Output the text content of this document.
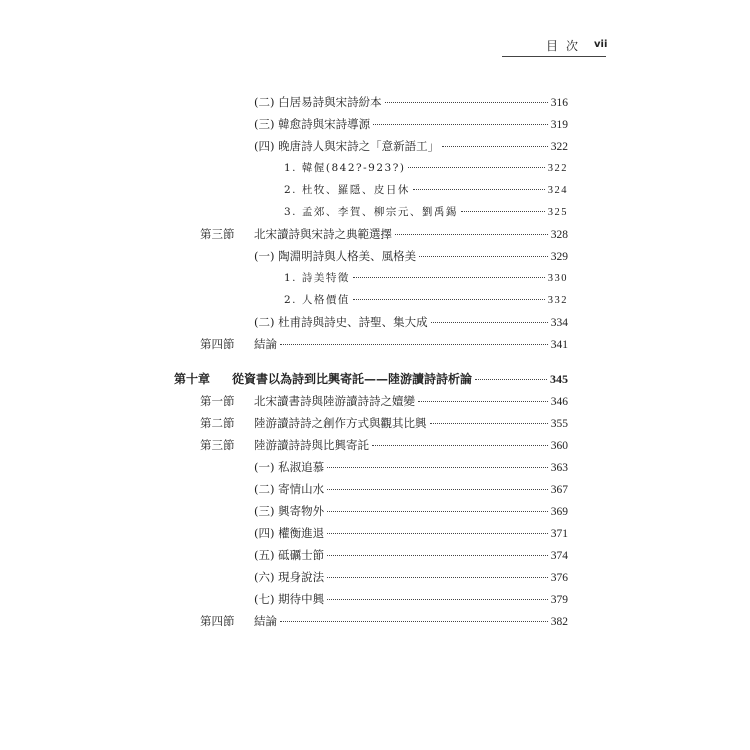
目次 vii
(二) 白居易詩與宋詩紛本	316
(三) 韓愈詩與宋詩導源	319
(四) 晚唐詩人與宋詩之「意新語工」	322
1. 韓偓(842?-923?)	322
2. 杜牧、羅隱、皮日休	324
3. 孟郊、李賀、柳宗元、劉禹錫	325
第三節	北宋讀詩與宋詩之典範選擇	328
(一) 陶淵明詩與人格美、風格美	329
1. 詩美特徵	330
2. 人格價值	332
(二) 杜甫詩與詩史、詩聖、集大成	334
第四節	結論	341
第十章	從資書以為詩到比興寄託——陸游讀詩詩析論	345
第一節	北宋讀書詩與陸游讀詩詩之嬗變	346
第二節	陸游讀詩詩之創作方式與觀其比興	355
第三節	陸游讀詩詩與比興寄託	360
(一) 私淑追慕	363
(二) 寄情山水	367
(三) 興寄物外	369
(四) 權衡進退	371
(五) 砥礪士節	374
(六) 現身說法	376
(七) 期待中興	379
第四節	結論	382
